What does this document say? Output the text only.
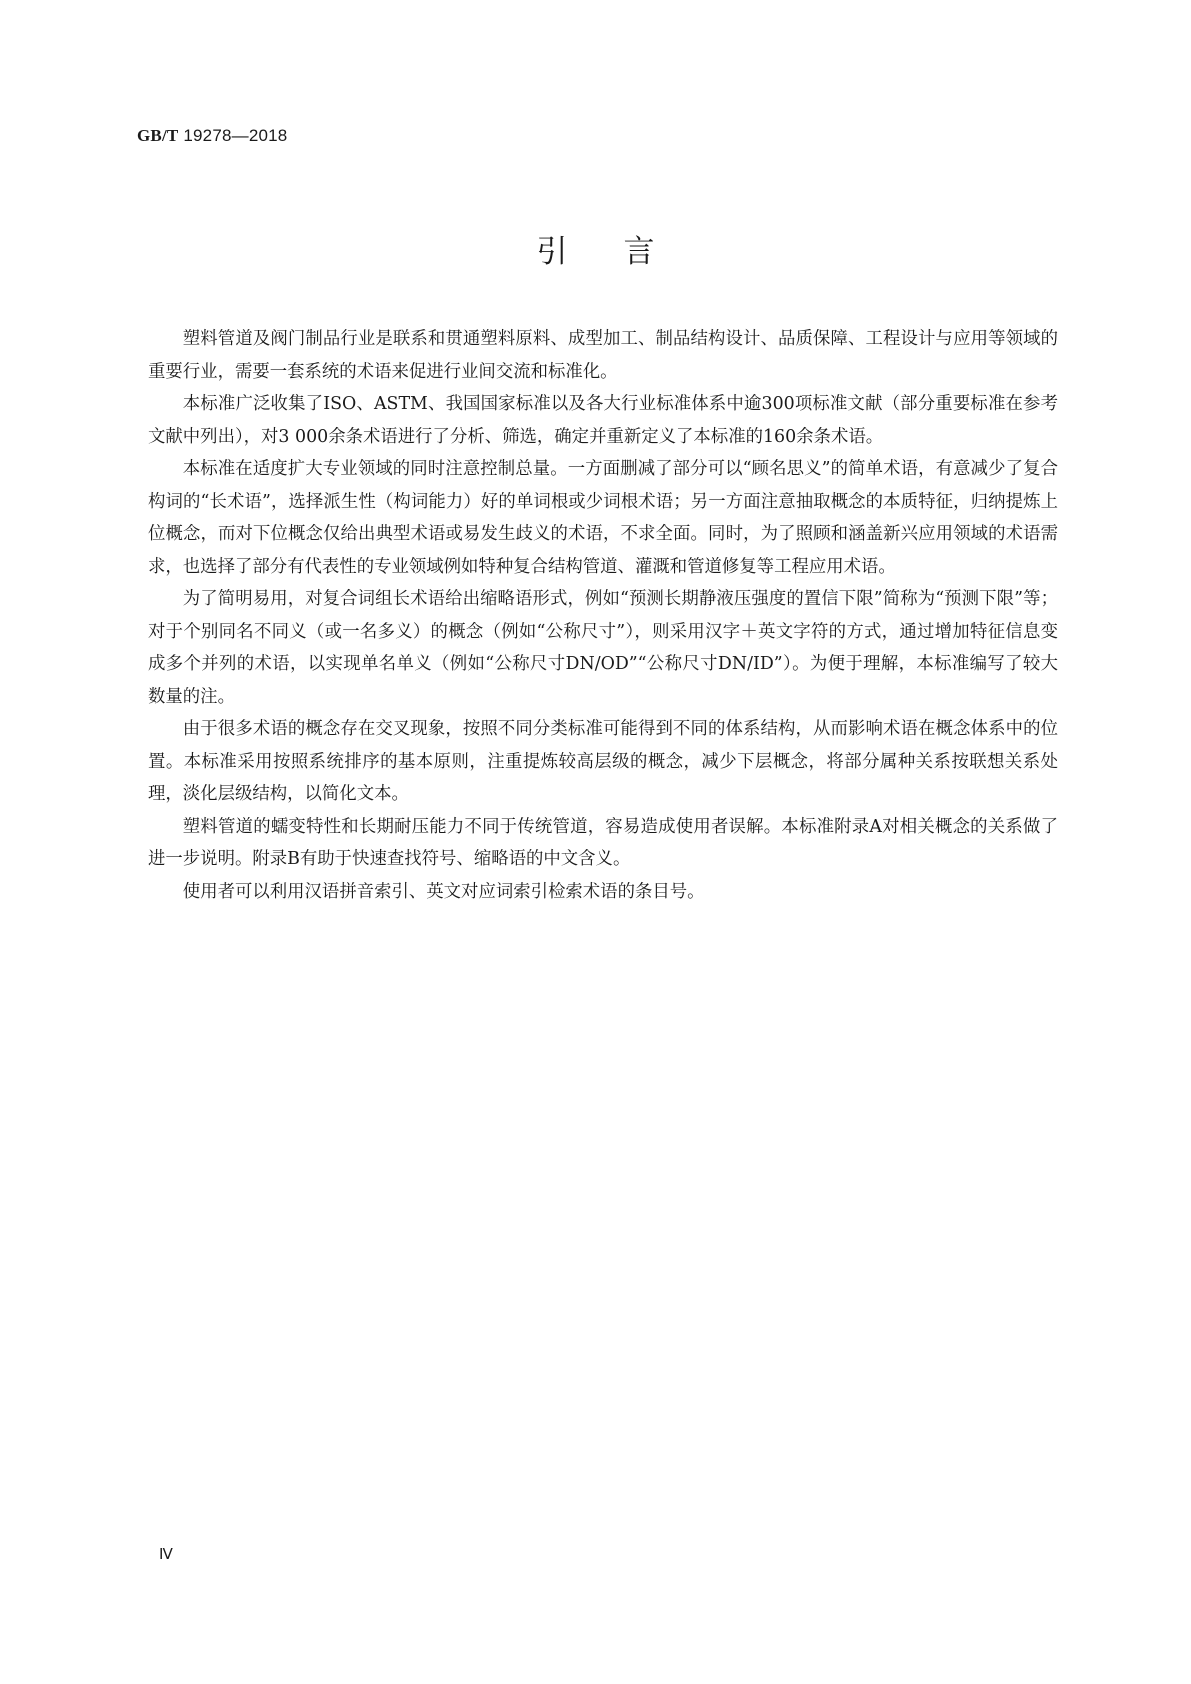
GB/T 19278—2018
引言

塑料管道及阀门制品行业是联系和贯通塑料原料、成型加工、制品结构设计、品质保障、工程设计与应用等领域的重要行业，需要一套系统的术语来促进行业间交流和标准化。

本标准广泛收集了ISO、ASTM、我国国家标准以及各大行业标准体系中逾300项标准文献（部分重要标准在参考文献中列出），对3 000余条术语进行了分析、筛选，确定并重新定义了本标准的160余条术语。

本标准在适度扩大专业领域的同时注意控制总量。一方面删减了部分可以“顾名思义”的简单术语，有意减少了复合构词的“长术语”，选择派生性（构词能力）好的单词根或少词根术语；另一方面注意抽取概念的本质特征，归纳提炼上位概念，而对下位概念仅给出典型术语或易发生歧义的术语，不求全面。同时，为了照顾和涵盖新兴应用领域的术语需求，也选择了部分有代表性的专业领域例如特种复合结构管道、灌溉和管道修复等工程应用术语。

为了简明易用，对复合词组长术语给出缩略语形式，例如“预测长期静液压强度的置信下限”简称为“预测下限”等；对于个别同名不同义（或一名多义）的概念（例如“公称尺寸”），则采用汉字＋英文字符的方式，通过增加特征信息变成多个并列的术语，以实现单名单义（例如“公称尺寸DN/OD”“公称尺寸DN/ID”）。为便于理解，本标准编写了较大数量的注。

由于很多术语的概念存在交叉现象，按照不同分类标准可能得到不同的体系结构，从而影响术语在概念体系中的位置。本标准采用按照系统排序的基本原则，注重提炼较高层级的概念，减少下层概念，将部分属种关系按联想关系处理，淡化层级结构，以简化文本。

塑料管道的蠕变特性和长期耐压能力不同于传统管道，容易造成使用者误解。本标准附录A对相关概念的关系做了进一步说明。附录B有助于快速查找符号、缩略语的中文含义。

使用者可以利用汉语拼音索引、英文对应词索引检索术语的条目号。

Ⅳ
